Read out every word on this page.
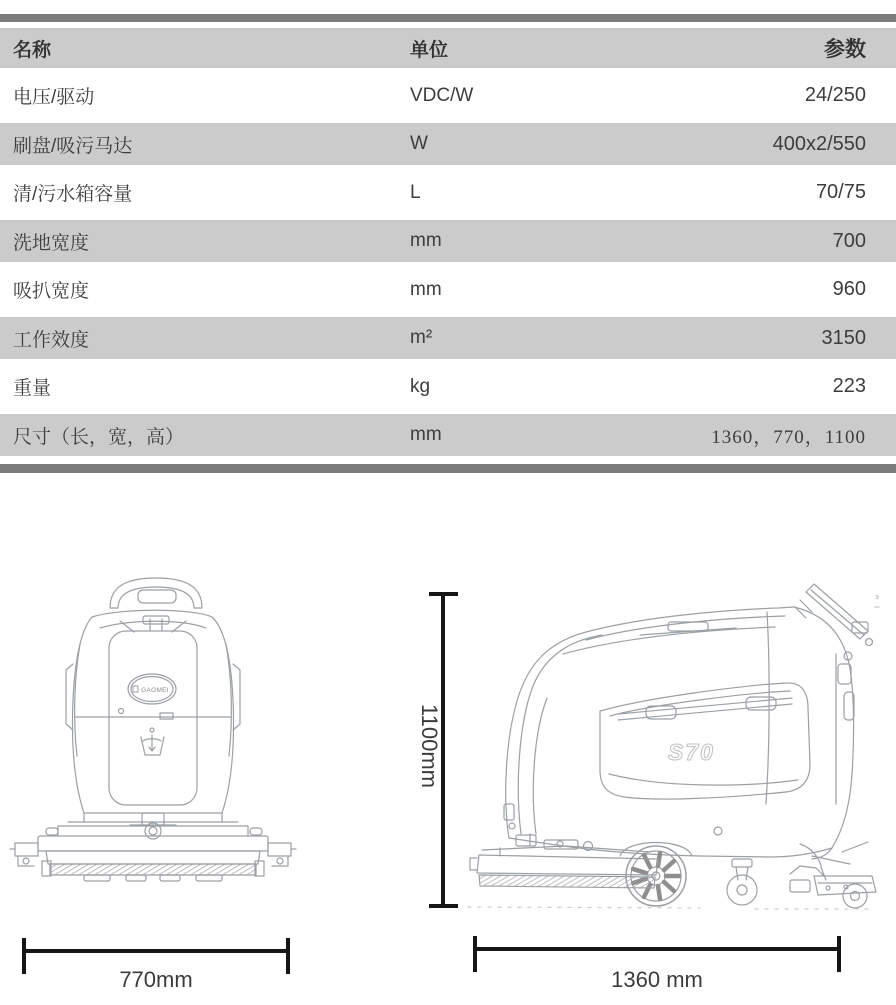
名称	单位	参数
电压/驱动	VDC/W	24/250
刷盘/吸污马达	W	400x2/550
清/污水箱容量	L	70/75
洗地宽度	mm	700
吸扒宽度	mm	960
工作效度	m²	3150
重量	kg	223
尺寸（长，宽，高）	mm	1360，770，1100
GAOMEI
770mm
S70
1100mm
1360 mm
